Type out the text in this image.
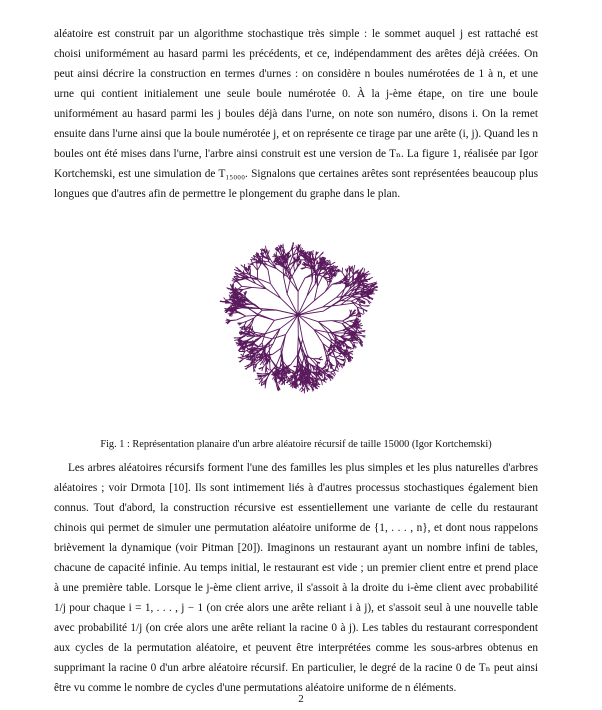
aléatoire est construit par un algorithme stochastique très simple : le sommet auquel j est rattaché est choisi uniformément au hasard parmi les précédents, et ce, indépendamment des arêtes déjà créées. On peut ainsi décrire la construction en termes d'urnes : on considère n boules numérotées de 1 à n, et une urne qui contient initialement une seule boule numérotée 0. À la j-ème étape, on tire une boule uniformément au hasard parmi les j boules déjà dans l'urne, on note son numéro, disons i. On la remet ensuite dans l'urne ainsi que la boule numérotée j, et on représente ce tirage par une arête (i, j). Quand les n boules ont été mises dans l'urne, l'arbre ainsi construit est une version de Tₙ. La figure 1, réalisée par Igor Kortchemski, est une simulation de T₁₅₀₀₀. Signalons que certaines arêtes sont représentées beaucoup plus longues que d'autres afin de permettre le plongement du graphe dans le plan.

Fig. 1 : Représentation planaire d'un arbre aléatoire récursif de taille 15000 (Igor Kortchemski)

Les arbres aléatoires récursifs forment l'une des familles les plus simples et les plus naturelles d'arbres aléatoires ; voir Drmota [10]. Ils sont intimement liés à d'autres processus stochastiques également bien connus. Tout d'abord, la construction récursive est essentiellement une variante de celle du restaurant chinois qui permet de simuler une permutation aléatoire uniforme de {1, . . . , n}, et dont nous rappelons brièvement la dynamique (voir Pitman [20]). Imaginons un restaurant ayant un nombre infini de tables, chacune de capacité infinie. Au temps initial, le restaurant est vide ; un premier client entre et prend place à une première table. Lorsque le j-ème client arrive, il s'assoit à la droite du i-ème client avec probabilité 1/j pour chaque i = 1, . . . , j − 1 (on crée alors une arête reliant i à j), et s'assoit seul à une nouvelle table avec probabilité 1/j (on crée alors une arête reliant la racine 0 à j). Les tables du restaurant correspondent aux cycles de la permutation aléatoire, et peuvent être interprétées comme les sous-arbres obtenus en supprimant la racine 0 d'un arbre aléatoire récursif. En particulier, le degré de la racine 0 de Tₙ peut ainsi être vu comme le nombre de cycles d'une permutations aléatoire uniforme de n éléments.

2
